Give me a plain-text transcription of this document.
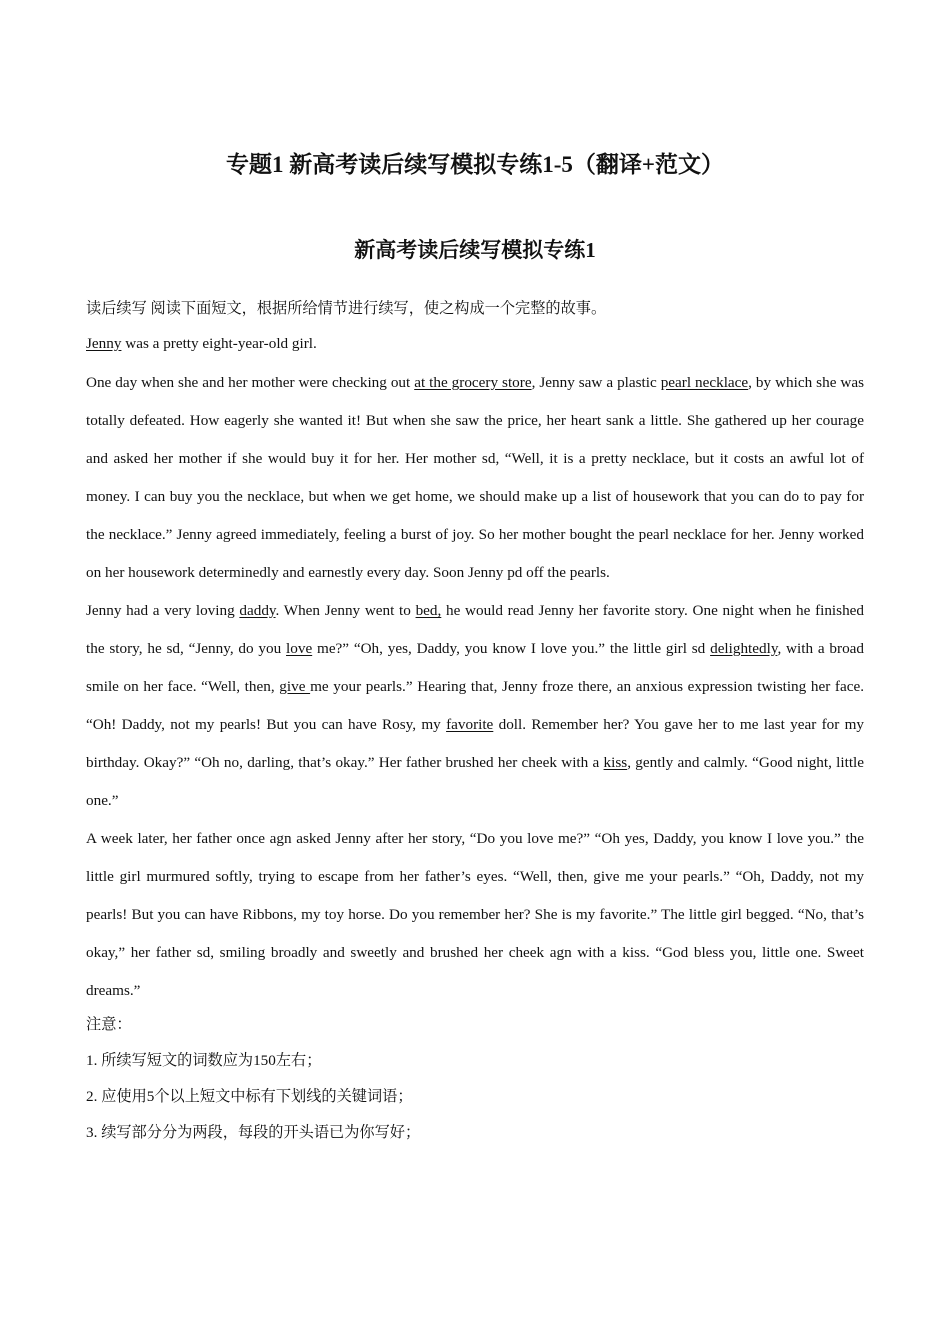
专题1 新高考读后续写模拟专练1-5（翻译+范文）
新高考读后续写模拟专练1

读后续写 阅读下面短文，根据所给情节进行续写，使之构成一个完整的故事。

Jenny was a pretty eight-year-old girl.

One day when she and her mother were checking out at the grocery store, Jenny saw a plastic pearl necklace, by which she was totally defeated. How eagerly she wanted it! But when she saw the price, her heart sank a little. She gathered up her courage and asked her mother if she would buy it for her. Her mother sd, “Well, it is a pretty necklace, but it costs an awful lot of money. I can buy you the necklace, but when we get home, we should make up a list of housework that you can do to pay for the necklace.” Jenny agreed immediately, feeling a burst of joy. So her mother bought the pearl necklace for her. Jenny worked on her housework determinedly and earnestly every day. Soon Jenny pd off the pearls.

Jenny had a very loving daddy. When Jenny went to bed, he would read Jenny her favorite story. One night when he finished the story, he sd, “Jenny, do you love me?” “Oh, yes, Daddy, you know I love you.” the little girl sd delightedly, with a broad smile on her face. “Well, then, give me your pearls.” Hearing that, Jenny froze there, an anxious expression twisting her face. “Oh! Daddy, not my pearls! But you can have Rosy, my favorite doll. Remember her? You gave her to me last year for my birthday. Okay?” “Oh no, darling, that’s okay.” Her father brushed her cheek with a kiss, gently and calmly. “Good night, little one.”

A week later, her father once agn asked Jenny after her story, “Do you love me?” “Oh yes, Daddy, you know I love you.” the little girl murmured softly, trying to escape from her father’s eyes. “Well, then, give me your pearls.” “Oh, Daddy, not my pearls! But you can have Ribbons, my toy horse. Do you remember her? She is my favorite.” The little girl begged. “No, that’s okay,” her father sd, smiling broadly and sweetly and brushed her cheek agn with a kiss. “God bless you, little one. Sweet dreams.”

注意：

1. 所续写短文的词数应为150左右；

2. 应使用5个以上短文中标有下划线的关键词语；

3. 续写部分分为两段，每段的开头语已为你写好；
